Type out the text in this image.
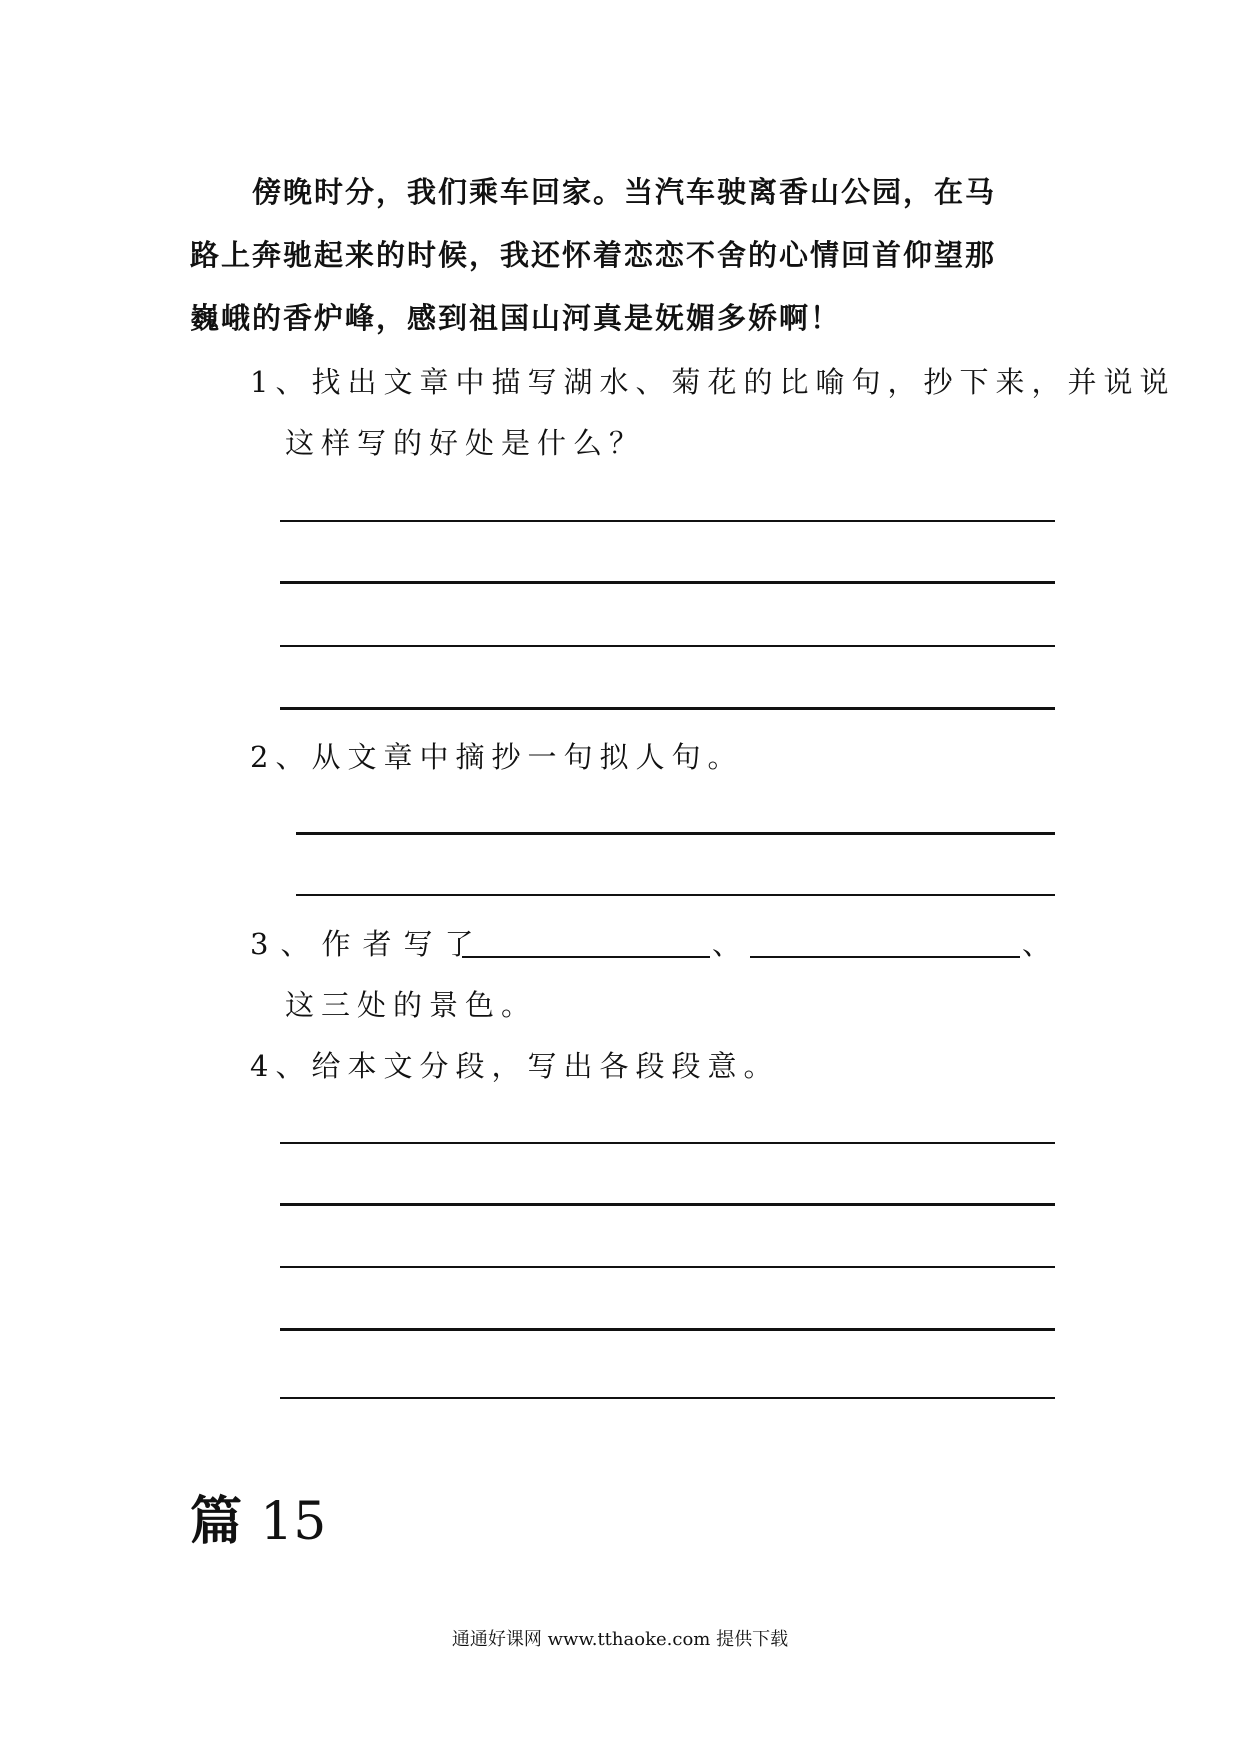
　　傍晚时分，我们乘车回家。当汽车驶离香山公园，在马
路上奔驰起来的时候，我还怀着恋恋不舍的心情回首仰望那
巍峨的香炉峰，感到祖国山河真是妩媚多娇啊！
1、找出文章中描写湖水、菊花的比喻句，抄下来，并说说
这样写的好处是什么？
2、从文章中摘抄一句拟人句。
3、作者写了	、	、
这三处的景色。
4、给本文分段，写出各段段意。
篇 15
通通好课网 www.tthaoke.com 提供下载
